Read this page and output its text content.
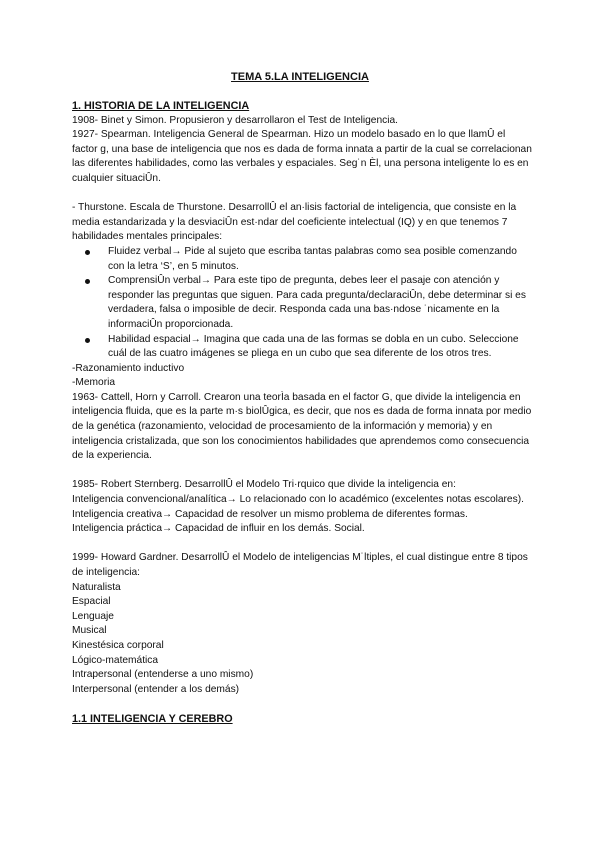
TEMA 5.LA INTELIGENCIA

1. HISTORIA DE LA INTELIGENCIA

1908- Binet y Simon. Propusieron y desarrollaron el Test de Inteligencia.

1927- Spearman. Inteligencia General de Spearman. Hizo un modelo basado en lo que llamÛ el factor g, una base de inteligencia que nos es dada de forma innata a partir de la cual se correlacionan las diferentes habilidades, como las verbales y espaciales. Seg˙n Èl, una persona inteligente lo es en cualquier situaciÛn.

- Thurstone. Escala de Thurstone. DesarrollÛ el an·lisis factorial de inteligencia, que consiste en la media estandarizada y la desviaciÛn est·ndar del coeficiente intelectual (IQ) y en que tenemos 7 habilidades mentales principales:

Fluidez verbal→ Pide al sujeto que escriba tantas palabras como sea posible comenzando con la letra ‘S’, en 5 minutos.
ComprensiÛn verbal→ Para este tipo de pregunta, debes leer el pasaje con atención y responder las preguntas que siguen. Para cada pregunta/declaraciÛn, debe determinar si es verdadera, falsa o imposible de decir. Responda cada una bas·ndose ˙nicamente en la informaciÛn proporcionada.
Habilidad espacial→ Imagina que cada una de las formas se dobla en un cubo. Seleccione cuál de las cuatro imágenes se pliega en un cubo que sea diferente de los otros tres.

-Razonamiento inductivo

-Memoria

1963- Cattell, Horn y Carroll. Crearon una teorÌa basada en el factor G, que divide la inteligencia en inteligencia fluida, que es la parte m·s biolÛgica, es decir, que nos es dada de forma innata por medio de la genética (razonamiento, velocidad de procesamiento de la información y memoria) y en inteligencia cristalizada, que son los conocimientos habilidades que aprendemos como consecuencia de la experiencia.

1985- Robert Sternberg. DesarrollÛ el Modelo Tri·rquico que divide la inteligencia en:

Inteligencia convencional/analítica→ Lo relacionado con lo académico (excelentes notas escolares).

Inteligencia creativa→ Capacidad de resolver un mismo problema de diferentes formas.

Inteligencia práctica→ Capacidad de influir en los demás. Social.

1999- Howard Gardner. DesarrollÛ el Modelo de inteligencias M˙ltiples, el cual distingue entre 8 tipos

de inteligencia:

Naturalista

Espacial

Lenguaje

Musical

Kinestésica corporal

Lógico-matemática

Intrapersonal (entenderse a uno mismo)

Interpersonal (entender a los demás)

1.1 INTELIGENCIA Y CEREBRO
